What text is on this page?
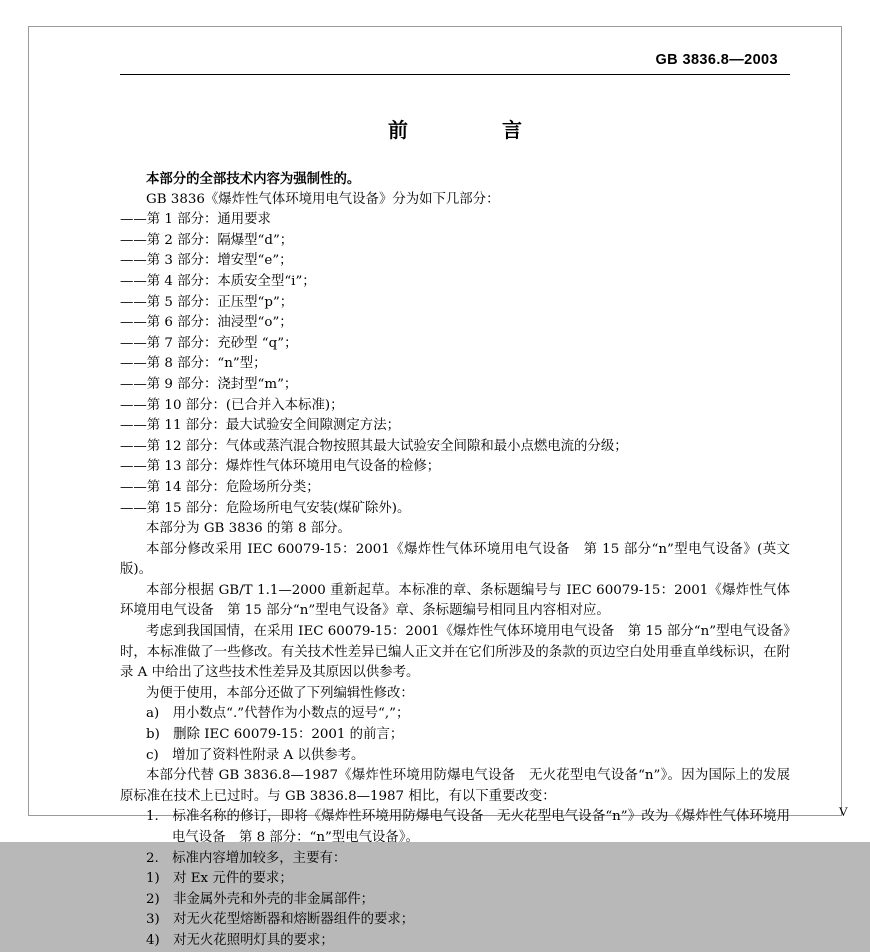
GB 3836.8—2003
前　　言

本部分的全部技术内容为强制性的。

GB 3836《爆炸性气体环境用电气设备》分为如下几部分：

——第 1 部分：通用要求

——第 2 部分：隔爆型“d”；

——第 3 部分：增安型“e”；

——第 4 部分：本质安全型“i”；

——第 5 部分：正压型“p”；

——第 6 部分：油浸型“o”；

——第 7 部分：充砂型 “q”；

——第 8 部分：“n”型；

——第 9 部分：浇封型“m”；

——第 10 部分：(已合并入本标准)；

——第 11 部分：最大试验安全间隙测定方法；

——第 12 部分：气体或蒸汽混合物按照其最大试验安全间隙和最小点燃电流的分级；

——第 13 部分：爆炸性气体环境用电气设备的检修；

——第 14 部分：危险场所分类；

——第 15 部分：危险场所电气安装(煤矿除外)。

本部分为 GB 3836 的第 8 部分。

本部分修改采用 IEC 60079-15：2001《爆炸性气体环境用电气设备　第 15 部分“n”型电气设备》(英文版)。

本部分根据 GB/T 1.1—2000 重新起草。本标准的章、条标题编号与 IEC 60079-15：2001《爆炸性气体环境用电气设备　第 15 部分“n”型电气设备》章、条标题编号相同且内容相对应。

考虑到我国国情，在采用 IEC 60079-15：2001《爆炸性气体环境用电气设备　第 15 部分“n”型电气设备》时，本标准做了一些修改。有关技术性差异已编人正文并在它们所涉及的条款的页边空白处用垂直单线标识，在附录 A 中给出了这些技术性差异及其原因以供参考。

为便于使用，本部分还做了下列编辑性修改：

a)　用小数点“.”代替作为小数点的逗号“,”；

b)　删除 IEC 60079-15：2001 的前言；

c)　增加了资料性附录 A 以供参考。

本部分代替 GB 3836.8—1987《爆炸性环境用防爆电气设备　无火花型电气设备“n”》。因为国际上的发展原标准在技术上已过时。与 GB 3836.8—1987 相比，有以下重要改变：

1.　标准名称的修订，即将《爆炸性环境用防爆电气设备　无火花型电气设备“n”》改为《爆炸性气体环境用电气设备　第 8 部分：“n”型电气设备》。

2.　标准内容增加较多，主要有：

1)　对 Ex 元件的要求；

2)　非金属外壳和外壳的非金属部件；

3)　对无火花型熔断器和熔断器组件的要求；

4)　对无火花照明灯具的要求；

V
